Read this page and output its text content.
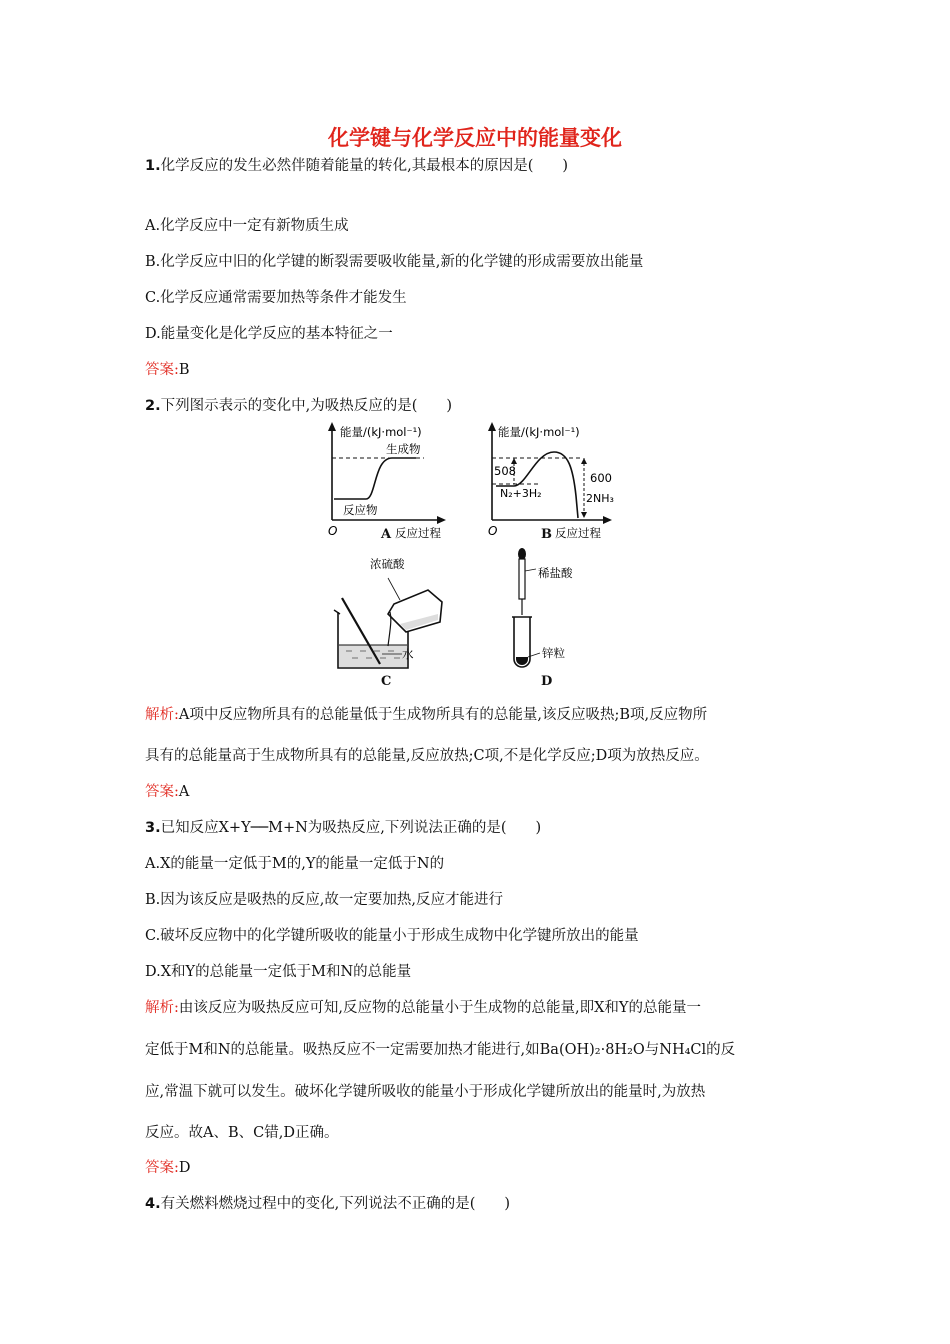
化学键与化学反应中的能量变化
1.化学反应的发生必然伴随着能量的转化,其最根本的原因是(　　)
A.化学反应中一定有新物质生成
B.化学反应中旧的化学键的断裂需要吸收能量,新的化学键的形成需要放出能量
C.化学反应通常需要加热等条件才能发生
D.能量变化是化学反应的基本特征之一
答案:B
2.下列图示表示的变化中,为吸热反应的是(　　)
能量/(kJ·mol⁻¹)
生成物
反应物
O	反应过程
A
能量/(kJ·mol⁻¹)
508	600
N₂+3H₂	2NH₃
O	反应过程
B
浓硫酸
水
C
稀盐酸
锌粒
D
解析:A项中反应物所具有的总能量低于生成物所具有的总能量,该反应吸热;B项,反应物所
具有的总能量高于生成物所具有的总能量,反应放热;C项,不是化学反应;D项为放热反应。
答案:A
3.已知反应X+Y──M+N为吸热反应,下列说法正确的是(　　)
A.X的能量一定低于M的,Y的能量一定低于N的
B.因为该反应是吸热的反应,故一定要加热,反应才能进行
C.破坏反应物中的化学键所吸收的能量小于形成生成物中化学键所放出的能量
D.X和Y的总能量一定低于M和N的总能量
解析:由该反应为吸热反应可知,反应物的总能量小于生成物的总能量,即X和Y的总能量一
定低于M和N的总能量。吸热反应不一定需要加热才能进行,如Ba(OH)₂·8H₂O与NH₄Cl的反
应,常温下就可以发生。破坏化学键所吸收的能量小于形成化学键所放出的能量时,为放热
反应。故A、B、C错,D正确。
答案:D
4.有关燃料燃烧过程中的变化,下列说法不正确的是(　　)
